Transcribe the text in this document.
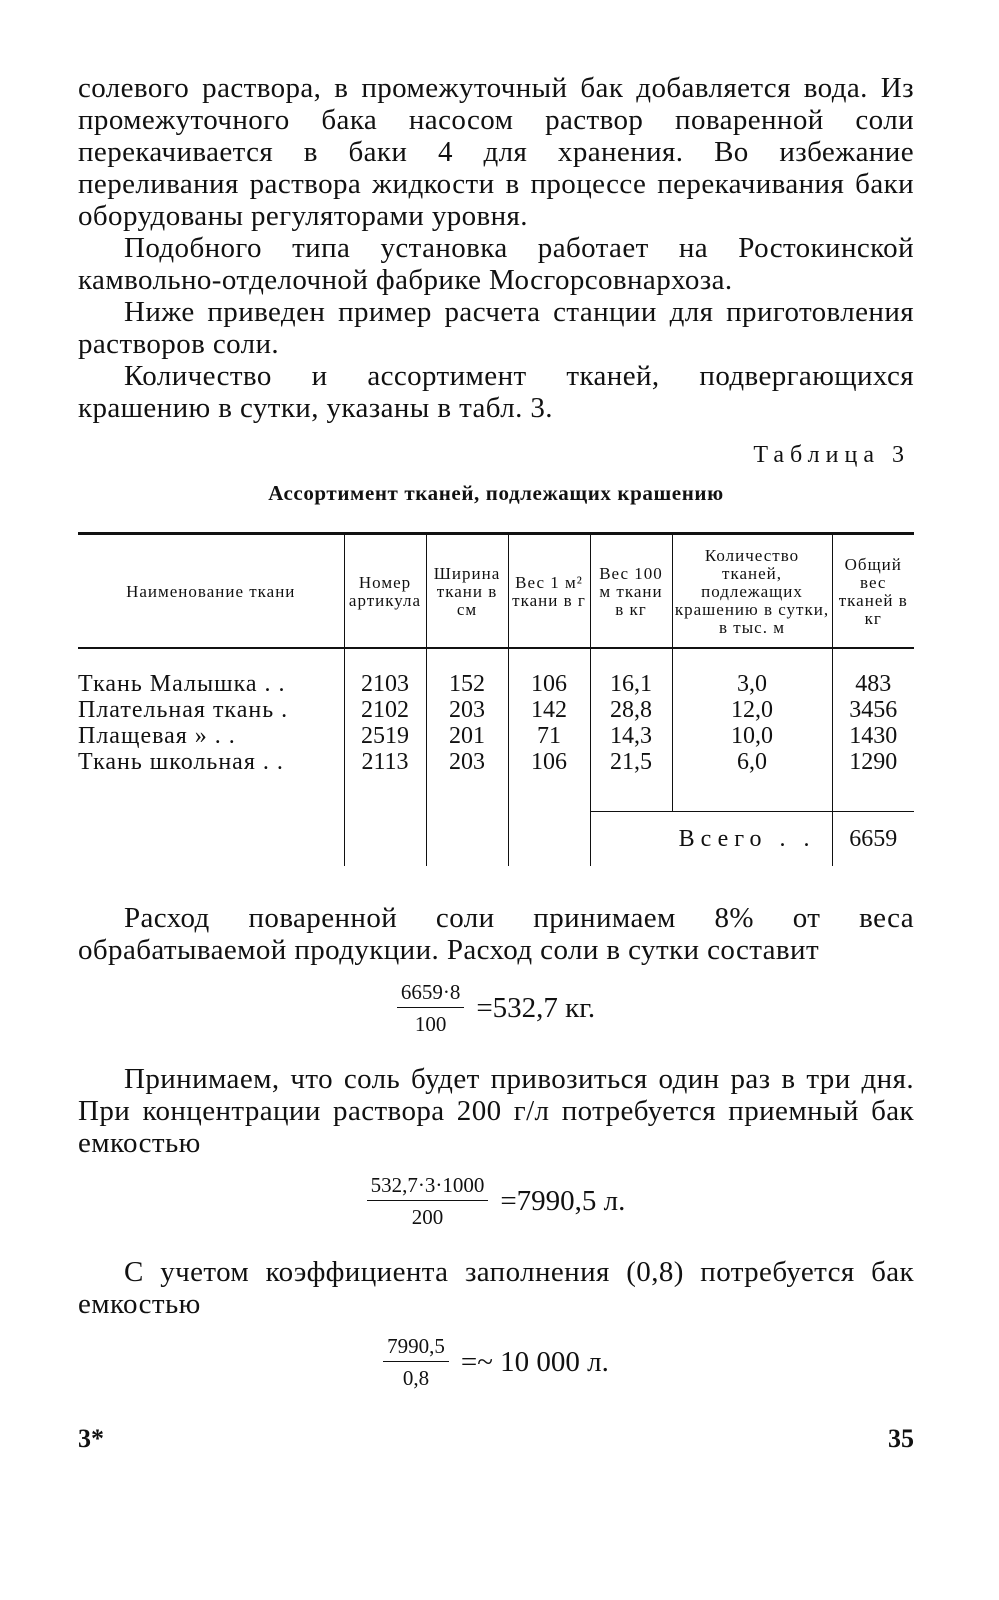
солевого раствора, в промежуточный бак добавляется вода. Из промежуточного бака насосом раствор поваренной соли перекачивается в баки 4 для хранения. Во избежание переливания раствора жидкости в процессе перекачивания баки оборудованы регуляторами уровня.

Подобного типа установка работает на Ростокинской камвольно-отделочной фабрике Мосгорсовнархоза.

Ниже приведен пример расчета станции для приготовления растворов соли.

Количество и ассортимент тканей, подвергающихся крашению в сутки, указаны в табл. 3.

Таблица 3
Ассортимент тканей, подлежащих крашению
Наименование ткани	Номер артикула	Ширина ткани в см	Вес 1 м² ткани в г	Вес 100 м ткани в кг	Количество тканей, подлежащих крашению в сутки, в тыс. м	Общий вес тканей в кг
Ткань Малышка . .	2103	152	106	16,1	3,0	483
Плательная ткань .	2102	203	142	28,8	12,0	3456
Плащевая » . .	2519	201	71	14,3	10,0	1430
Ткань школьная . .	2113	203	106	21,5	6,0	1290
				Всего . .		6659

Расход поваренной соли принимаем 8% от веса обрабатываемой продукции. Расход соли в сутки составит

$\frac{6659\cdot 8}{100} =532,7$ кг.

Принимаем, что соль будет привозиться один раз в три дня. При концентрации раствора 200 г/л потребуется приемный бак емкостью

$\frac{532,7\cdot 3\cdot 1000}{200} =7990,5$ л.

С учетом коэффициента заполнения (0,8) потребуется бак емкостью

$\frac{7990,5}{0,8}$ =~ 10 000 л.
3*	35
